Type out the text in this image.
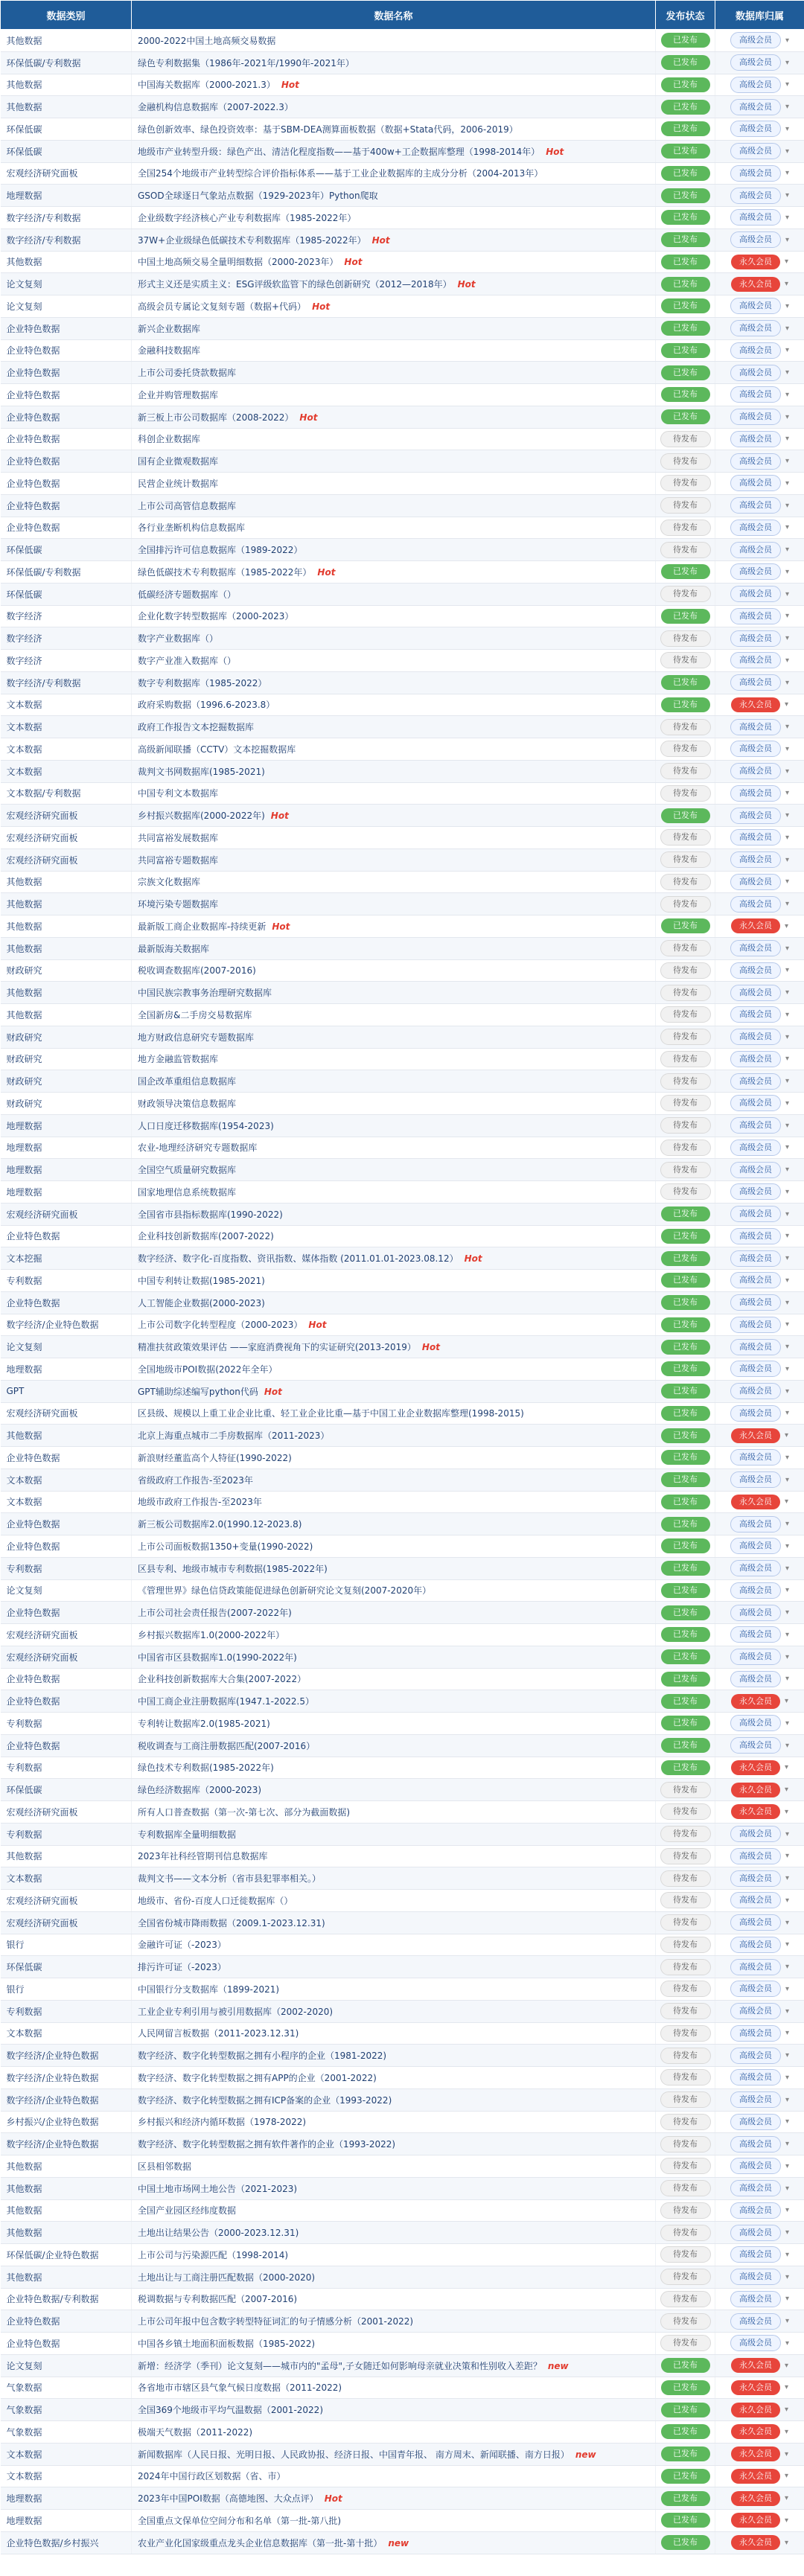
数据类别	数据名称	发布状态	数据库归属
其他数据	2000-2022中国土地高频交易数据	已发布	高级会员 ▾

环保低碳/专利数据	绿色专利数据集（1986年-2021年/1990年-2021年）	已发布	高级会员 ▾

其他数据	中国海关数据库（2000-2021.3） Hot	已发布	高级会员 ▾

其他数据	金融机构信息数据库（2007-2022.3）	已发布	高级会员 ▾

环保低碳	绿色创新效率、绿色投资效率：基于SBM-DEA测算面板数据（数据+Stata代码，2006-2019）	已发布	高级会员 ▾

环保低碳	地级市产业转型升级：绿色产出、清洁化程度指数——基于400w+工企数据库整理（1998-2014年） Hot	已发布	高级会员 ▾

宏观经济研究面板	全国254个地级市产业转型综合评价指标体系——基于工业企业数据库的主成分分析（2004-2013年）	已发布	高级会员 ▾

地理数据	GSOD全球逐日气象站点数据（1929-2023年）Python爬取	已发布	高级会员 ▾

数字经济/专利数据	企业级数字经济核心产业专利数据库（1985-2022年）	已发布	高级会员 ▾

数字经济/专利数据	37W+企业级绿色低碳技术专利数据库（1985-2022年） Hot	已发布	高级会员 ▾

其他数据	中国土地高频交易全量明细数据（2000-2023年） Hot	已发布	永久会员 ▾

论文复刻	形式主义还是实质主义：ESG评级软监管下的绿色创新研究（2012—2018年） Hot	已发布	永久会员 ▾

论文复刻	高级会员专属论文复刻专题（数据+代码） Hot	已发布	高级会员 ▾

企业特色数据	新兴企业数据库	已发布	高级会员 ▾

企业特色数据	金融科技数据库	已发布	高级会员 ▾

企业特色数据	上市公司委托贷款数据库	已发布	高级会员 ▾

企业特色数据	企业并购管理数据库	已发布	高级会员 ▾

企业特色数据	新三板上市公司数据库（2008-2022） Hot	已发布	高级会员 ▾

企业特色数据	科创企业数据库	待发布	高级会员 ▾

企业特色数据	国有企业微观数据库	待发布	高级会员 ▾

企业特色数据	民营企业统计数据库	待发布	高级会员 ▾

企业特色数据	上市公司高管信息数据库	待发布	高级会员 ▾

企业特色数据	各行业垄断机构信息数据库	待发布	高级会员 ▾

环保低碳	全国排污许可信息数据库（1989-2022）	待发布	高级会员 ▾

环保低碳/专利数据	绿色低碳技术专利数据库（1985-2022年） Hot	已发布	高级会员 ▾

环保低碳	低碳经济专题数据库（）	待发布	高级会员 ▾

数字经济	企业化数字转型数据库（2000-2023）	已发布	高级会员 ▾

数字经济	数字产业数据库（）	待发布	高级会员 ▾

数字经济	数字产业准入数据库（）	待发布	高级会员 ▾

数字经济/专利数据	数字专利数据库（1985-2022）	已发布	高级会员 ▾

文本数据	政府采购数据（1996.6-2023.8）	已发布	永久会员 ▾

文本数据	政府工作报告文本挖掘数据库	待发布	高级会员 ▾

文本数据	高级新闻联播（CCTV）文本挖掘数据库	待发布	高级会员 ▾

文本数据	裁判文书网数据库(1985-2021)	待发布	高级会员 ▾

文本数据/专利数据	中国专利文本数据库	待发布	高级会员 ▾

宏观经济研究面板	乡村振兴数据库(2000-2022年) Hot	已发布	高级会员 ▾

宏观经济研究面板	共同富裕发展数据库	待发布	高级会员 ▾

宏观经济研究面板	共同富裕专题数据库	待发布	高级会员 ▾

其他数据	宗族文化数据库	待发布	高级会员 ▾

其他数据	环境污染专题数据库	待发布	高级会员 ▾

其他数据	最新版工商企业数据库-持续更新 Hot	已发布	永久会员 ▾

其他数据	最新版海关数据库	待发布	高级会员 ▾

财政研究	税收调查数据库(2007-2016)	待发布	高级会员 ▾

其他数据	中国民族宗教事务治理研究数据库	待发布	高级会员 ▾

其他数据	全国新房&二手房交易数据库	待发布	高级会员 ▾

财政研究	地方财政信息研究专题数据库	待发布	高级会员 ▾

财政研究	地方金融监管数据库	待发布	高级会员 ▾

财政研究	国企改革重组信息数据库	待发布	高级会员 ▾

财政研究	财政领导决策信息数据库	待发布	高级会员 ▾

地理数据	人口日度迁移数据库(1954-2023)	待发布	高级会员 ▾

地理数据	农业-地理经济研究专题数据库	待发布	高级会员 ▾

地理数据	全国空气质量研究数据库	待发布	高级会员 ▾

地理数据	国家地理信息系统数据库	待发布	高级会员 ▾

宏观经济研究面板	全国省市县指标数据库(1990-2022)	已发布	高级会员 ▾

企业特色数据	企业科技创新数据库(2007-2022)	已发布	高级会员 ▾

文本挖掘	数字经济、数字化-百度指数、资讯指数、媒体指数 (2011.01.01-2023.08.12） Hot	已发布	高级会员 ▾

专利数据	中国专利转让数据(1985-2021)	已发布	高级会员 ▾

企业特色数据	人工智能企业数据(2000-2023)	已发布	高级会员 ▾

数字经济/企业特色数据	上市公司数字化转型程度（2000-2023） Hot	已发布	高级会员 ▾

论文复刻	精准扶贫政策效果评估 ——家庭消费视角下的实证研究(2013-2019） Hot	已发布	高级会员 ▾

地理数据	全国地级市POI数据(2022年全年）	已发布	高级会员 ▾

GPT	GPT辅助综述编写python代码 Hot	已发布	高级会员 ▾

宏观经济研究面板	区县级、规模以上重工业企业比重、轻工业企业比重—基于中国工业企业数据库整理(1998-2015)	已发布	高级会员 ▾

其他数据	北京上海重点城市二手房数据库（2011-2023）	已发布	永久会员 ▾

企业特色数据	新浪财经董监高个人特征(1990-2022)	已发布	高级会员 ▾

文本数据	省级政府工作报告-至2023年	已发布	高级会员 ▾

文本数据	地级市政府工作报告-至2023年	已发布	永久会员 ▾

企业特色数据	新三板公司数据库2.0(1990.12-2023.8)	已发布	高级会员 ▾

企业特色数据	上市公司面板数据1350+变量(1990-2022)	已发布	高级会员 ▾

专利数据	区县专利、地级市城市专利数据(1985-2022年)	已发布	高级会员 ▾

论文复刻	《管理世界》绿色信贷政策能促进绿色创新研究论文复刻(2007-2020年）	已发布	高级会员 ▾

企业特色数据	上市公司社会责任报告(2007-2022年)	已发布	高级会员 ▾

宏观经济研究面板	乡村振兴数据库1.0(2000-2022年）	已发布	高级会员 ▾

宏观经济研究面板	中国省市区县数据库1.0(1990-2022年)	已发布	高级会员 ▾

企业特色数据	企业科技创新数据库大合集(2007-2022）	已发布	高级会员 ▾

企业特色数据	中国工商企业注册数据库(1947.1-2022.5）	已发布	永久会员 ▾

专利数据	专利转让数据库2.0(1985-2021)	已发布	高级会员 ▾

企业特色数据	税收调查与工商注册数据匹配(2007-2016）	已发布	高级会员 ▾

专利数据	绿色技术专利数据(1985-2022年)	已发布	永久会员 ▾

环保低碳	绿色经济数据库（2000-2023)	待发布	永久会员 ▾

宏观经济研究面板	所有人口普查数据（第一次-第七次、部分为截面数据)	待发布	永久会员 ▾

专利数据	专利数据库全量明细数据	待发布	高级会员 ▾

其他数据	2023年社科经管期刊信息数据库	待发布	高级会员 ▾

文本数据	裁判文书——文本分析（省市县犯罪率相关。）	待发布	高级会员 ▾

宏观经济研究面板	地级市、省份-百度人口迁徙数据库（）	待发布	高级会员 ▾

宏观经济研究面板	全国省份城市降雨数据（2009.1-2023.12.31)	待发布	高级会员 ▾

银行	金融许可证（-2023）	待发布	高级会员 ▾

环保低碳	排污许可证（-2023）	待发布	高级会员 ▾

银行	中国银行分支数据库（1899-2021)	待发布	高级会员 ▾

专利数据	工业企业专利引用与被引用数据库（2002-2020)	待发布	高级会员 ▾

文本数据	人民网留言板数据（2011-2023.12.31)	待发布	高级会员 ▾

数字经济/企业特色数据	数字经济、数字化转型数据之拥有小程序的企业（1981-2022)	待发布	高级会员 ▾

数字经济/企业特色数据	数字经济、数字化转型数据之拥有APP的企业（2001-2022)	待发布	高级会员 ▾

数字经济/企业特色数据	数字经济、数字化转型数据之拥有ICP备案的企业（1993-2022)	待发布	高级会员 ▾

乡村振兴/企业特色数据	乡村振兴和经济内循环数据（1978-2022)	待发布	高级会员 ▾

数字经济/企业特色数据	数字经济、数字化转型数据之拥有软件著作的企业（1993-2022)	待发布	高级会员 ▾

其他数据	区县相邻数据	待发布	高级会员 ▾

其他数据	中国土地市场网土地公告（2021-2023)	待发布	高级会员 ▾

其他数据	全国产业园区经纬度数据	待发布	高级会员 ▾

其他数据	土地出让结果公告（2000-2023.12.31)	待发布	高级会员 ▾

环保低碳/企业特色数据	上市公司与污染源匹配（1998-2014)	待发布	高级会员 ▾

其他数据	土地出让与工商注册匹配数据（2000-2020)	待发布	高级会员 ▾

企业特色数据/专利数据	税调数据与专利数据匹配（2007-2016)	待发布	高级会员 ▾

企业特色数据	上市公司年报中包含数字转型特征词汇的句子情感分析（2001-2022)	待发布	高级会员 ▾

企业特色数据	中国各乡镇土地面积面板数据（1985-2022)	待发布	高级会员 ▾

论文复刻	新增：经济学（季刊）论文复刻——城市内的"孟母",子女随迁如何影响母亲就业决策和性别收入差距？ new	已发布	永久会员 ▾

气象数据	各省地市市辖区县气象气候日度数据（2011-2022)	已发布	永久会员 ▾

气象数据	全国369个地级市平均气温数据（2001-2022)	已发布	永久会员 ▾

气象数据	极端天气数据（2011-2022)	已发布	永久会员 ▾

文本数据	新闻数据库（人民日报、光明日报、人民政协报、经济日报、中国青年报、 南方周末、新闻联播、南方日报） new	已发布	永久会员 ▾

文本数据	2024年中国行政区划数据（省、市）	已发布	永久会员 ▾

地理数据	2023年中国POI数据（高德地图、大众点评） Hot	已发布	永久会员 ▾

地理数据	全国重点文保单位空间分布和名单（第一批-第八批)	已发布	永久会员 ▾

企业特色数据/乡村振兴	农业产业化国家级重点龙头企业信息数据库（第一批-第十批） new	已发布	永久会员 ▾
